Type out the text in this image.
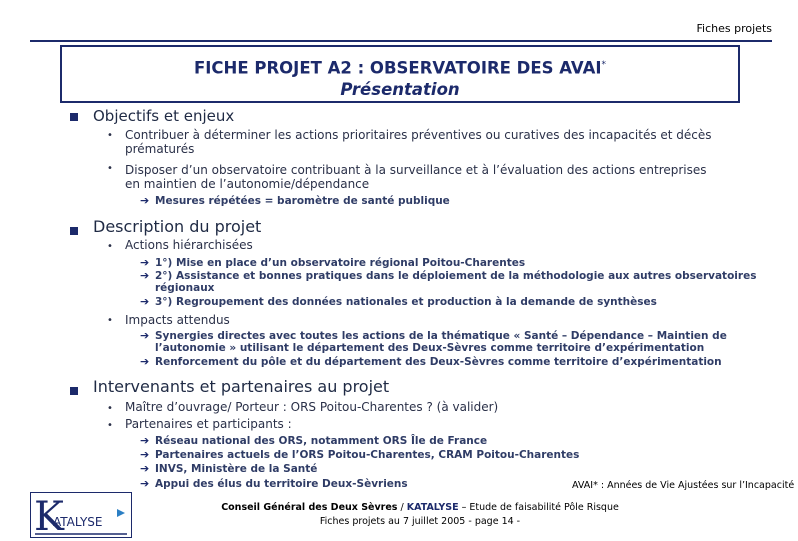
Fiches projets
FICHE PROJET A2 : OBSERVATOIRE DES AVAI*
Présentation
Objectifs et enjeux
• Contribuer à déterminer les actions prioritaires préventives ou curatives des incapacités et décès
prématurés
• Disposer d’un observatoire contribuant à la surveillance et à l’évaluation des actions entreprises
en maintien de l’autonomie/dépendance
➔ Mesures répétées = baromètre de santé publique
Description du projet
• Actions hiérarchisées
➔ 1°) Mise en place d’un observatoire régional Poitou-Charentes
➔ 2°) Assistance et bonnes pratiques dans le déploiement de la méthodologie aux autres observatoires
régionaux
➔ 3°) Regroupement des données nationales et production à la demande de synthèses
• Impacts attendus
➔ Synergies directes avec toutes les actions de la thématique « Santé – Dépendance – Maintien de
l’autonomie » utilisant le département des Deux-Sèvres comme territoire d’expérimentation
➔ Renforcement du pôle et du département des Deux-Sèvres comme territoire d’expérimentation
Intervenants et partenaires au projet
• Maître d’ouvrage/ Porteur : ORS Poitou-Charentes ? (à valider)
• Partenaires et participants :
➔ Réseau national des ORS, notamment ORS Île de France
➔ Partenaires actuels de l’ORS Poitou-Charentes, CRAM Poitou-Charentes
➔ INVS, Ministère de la Santé
➔ Appui des élus du territoire Deux-Sèvriens	AVAI* : Années de Vie Ajustées sur l’Incapacité
K
ATALYSE
Conseil Général des Deux Sèvres / KATALYSE – Etude de faisabilité Pôle Risque
Fiches projets au 7 juillet 2005 - page 14 -
